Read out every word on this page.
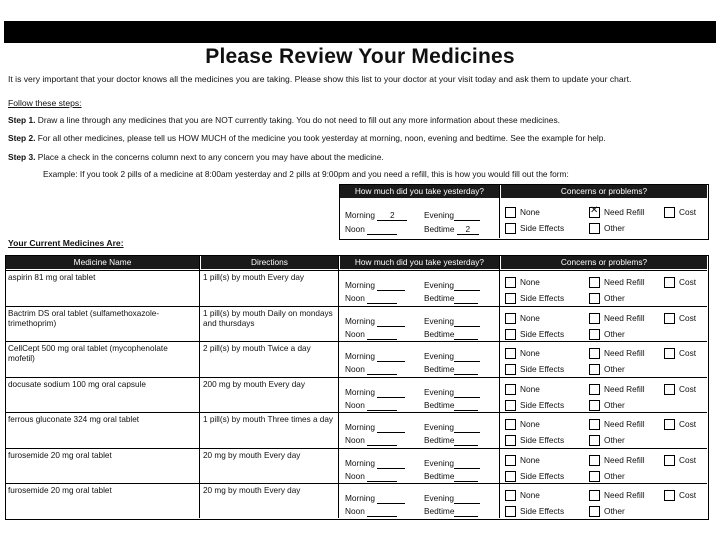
Please Review Your Medicines
It is very important that your doctor knows all the medicines you are taking. Please show this list to your doctor at your visit today and ask them to update your chart.
Follow these steps:
Step 1. Draw a line through any medicines that you are NOT currently taking. You do not need to fill out any more information about these medicines.
Step 2. For all other medicines, please tell us HOW MUCH of the medicine you took yesterday at morning, noon, evening and bedtime. See the example for help.
Step 3. Place a check in the concerns column next to any concern you may have about the medicine.
Example: If you took 2 pills of a medicine at 8:00am yesterday and 2 pills at 9:00pm and you need a refill, this is how you would fill out the form:
How much did you take yesterday?	Concerns or problems?
Morning 2	Evening
Noon	Bedtime 2
None
✕	Need Refill	Cost
Side Effects	Other
Your Current Medicines Are:
Medicine Name	Directions	How much did you take yesterday?	Concerns or problems?
aspirin 81 mg oral tablet	1 pill(s) by mouth Every day
Morning	Evening
Noon	Bedtime
None	Need Refill	Cost
Side Effects	Other
Bactrim DS oral tablet (sulfamethoxazole-trimethoprim)
1 pill(s) by mouth Daily on mondays and thursdays	Morning	Evening
Noon	Bedtime
None	Need Refill	Cost
Side Effects	Other
CellCept 500 mg oral tablet (mycophenolate mofetil)
2 pill(s) by mouth Twice a day
Morning	Evening
Noon	Bedtime
None	Need Refill	Cost
Side Effects	Other
docusate sodium 100 mg oral capsule	200 mg by mouth Every day
Morning	Evening
Noon	Bedtime
None	Need Refill	Cost
Side Effects	Other
ferrous gluconate 324 mg oral tablet	1 pill(s) by mouth Three times a day
Morning	Evening
Noon	Bedtime
None	Need Refill	Cost
Side Effects	Other
furosemide 20 mg oral tablet	20 mg by mouth Every day
Morning	Evening
Noon	Bedtime
None	Need Refill	Cost
Side Effects	Other
furosemide 20 mg oral tablet	20 mg by mouth Every day
Morning	Evening
Noon	Bedtime
None	Need Refill	Cost
Side Effects	Other
